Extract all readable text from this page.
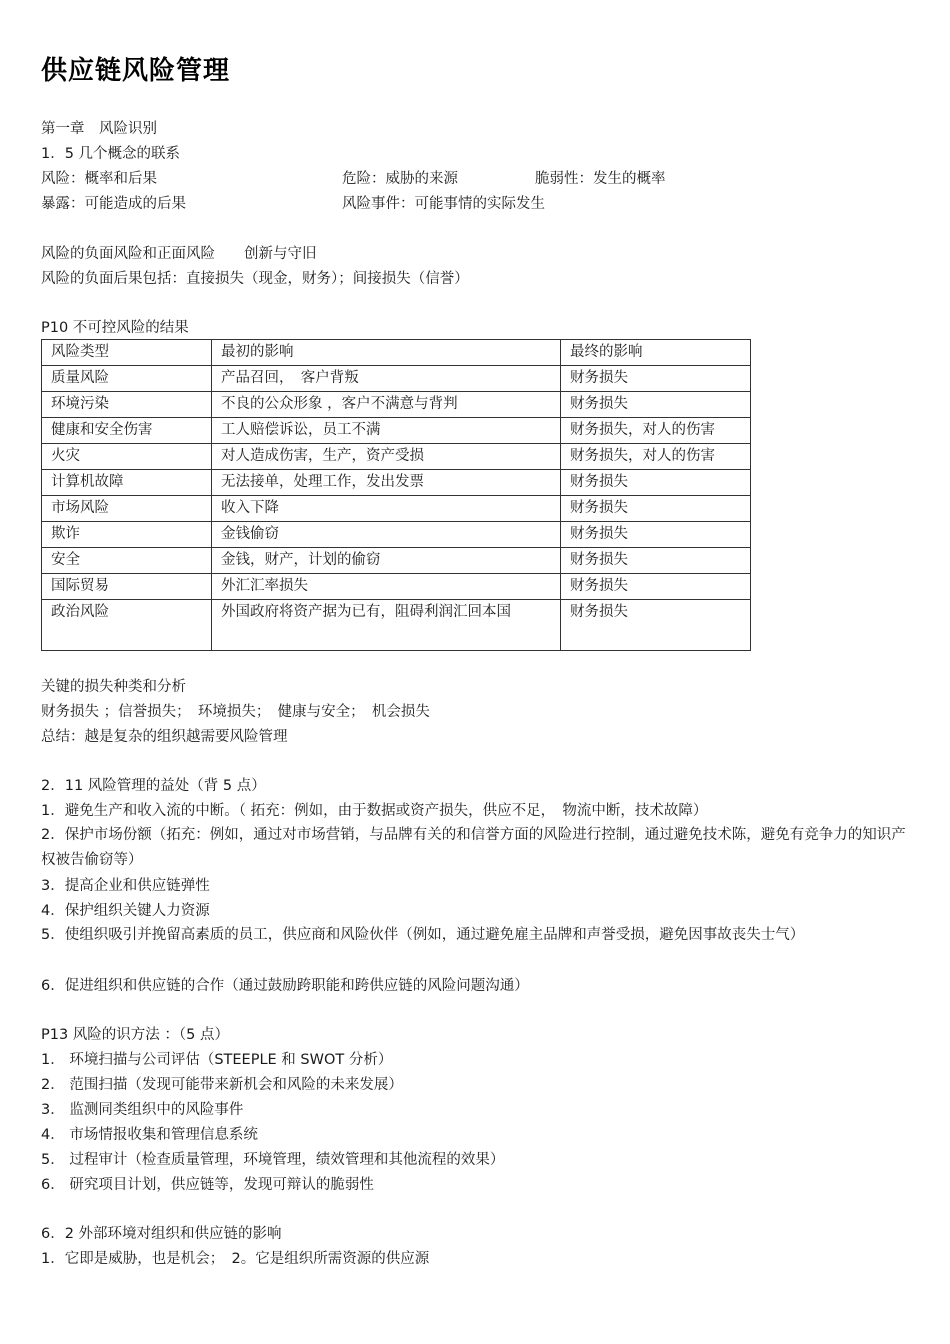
供应链风险管理
第一章　风险识别
1．5 几个概念的联系
风险：概率和后果	危险：威胁的来源	脆弱性：发生的概率
暴露：可能造成的后果	风险事件：可能事情的实际发生
风险的负面风险和正面风险　　创新与守旧
风险的负面后果包括：直接损失（现金，财务）；间接损失（信誉）
P10 不可控风险的结果
风险类型	最初的影响	最终的影响
质量风险	产品召回，　客户背叛	财务损失
环境污染	不良的公众形象 ，客户不满意与背判	财务损失
健康和安全伤害	工人赔偿诉讼，员工不满	财务损失，对人的伤害
火灾	对人造成伤害，生产，资产受损	财务损失，对人的伤害
计算机故障	无法接单，处理工作，发出发票	财务损失
市场风险	收入下降	财务损失
欺诈	金钱偷窃	财务损失
安全	金钱，财产，计划的偷窃	财务损失
国际贸易	外汇汇率损失	财务损失
政治风险	外国政府将资产据为已有，阻碍利润汇回本国	财务损失
关键的损失种类和分析
财务损失 ；信誉损失；　环境损失；　健康与安全；　机会损失
总结：越是复杂的组织越需要风险管理
2．11 风险管理的益处（背 5 点）
1．避免生产和收入流的中断。（ 拓充：例如，由于数据或资产损失，供应不足，　物流中断，技术故障）
2．保护市场份额（拓充：例如，通过对市场营销，与品牌有关的和信誉方面的风险进行控制，通过避免技术陈，避免有竞争力的知识产权被告偷窃等）
3．提高企业和供应链弹性
4．保护组织关键人力资源
5．使组织吸引并挽留高素质的员工，供应商和风险伙伴（例如，通过避免雇主品牌和声誉受损，避免因事故丧失士气）
6．促进组织和供应链的合作（通过鼓励跨职能和跨供应链的风险问题沟通）
P13 风险的识方法 ：（5 点）
1． 环境扫描与公司评估（STEEPLE 和 SWOT 分析）
2． 范围扫描（发现可能带来新机会和风险的未来发展）
3． 监测同类组织中的风险事件
4． 市场情报收集和管理信息系统
5． 过程审计（检查质量管理，环境管理，绩效管理和其他流程的效果）
6． 研究项目计划，供应链等，发现可辩认的脆弱性
6．2 外部环境对组织和供应链的影响
1．它即是威胁，也是机会；　2。它是组织所需资源的供应源
